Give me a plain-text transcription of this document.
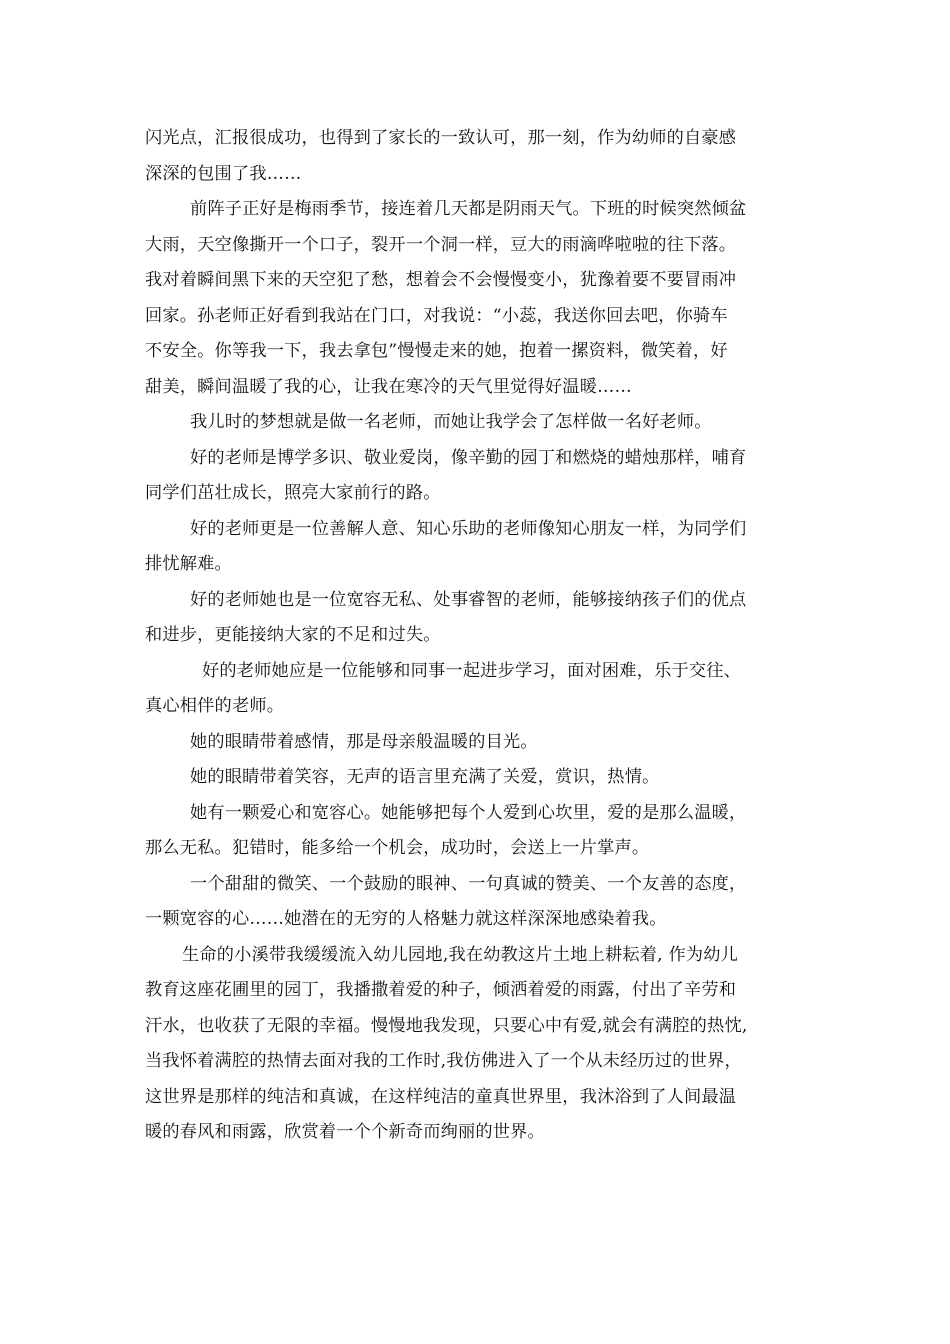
闪光点，汇报很成功，也得到了家长的一致认可，那一刻，作为幼师的自豪感
深深的包围了我……

前阵子正好是梅雨季节，接连着几天都是阴雨天气。下班的时候突然倾盆
大雨，天空像撕开一个口子，裂开一个洞一样，豆大的雨滴哗啦啦的往下落。
我对着瞬间黑下来的天空犯了愁，想着会不会慢慢变小，犹豫着要不要冒雨冲
回家。孙老师正好看到我站在门口，对我说：“小蕊，我送你回去吧，你骑车
不安全。你等我一下，我去拿包”慢慢走来的她，抱着一摞资料，微笑着，好
甜美，瞬间温暖了我的心，让我在寒冷的天气里觉得好温暖……

我儿时的梦想就是做一名老师，而她让我学会了怎样做一名好老师。

好的老师是博学多识、敬业爱岗，像辛勤的园丁和燃烧的蜡烛那样，哺育
同学们茁壮成长，照亮大家前行的路。

好的老师更是一位善解人意、知心乐助的老师像知心朋友一样，为同学们
排忧解难。

好的老师她也是一位宽容无私、处事睿智的老师，能够接纳孩子们的优点
和进步，更能接纳大家的不足和过失。

好的老师她应是一位能够和同事一起进步学习，面对困难，乐于交往、
真心相伴的老师。

她的眼睛带着感情，那是母亲般温暖的目光。

她的眼睛带着笑容，无声的语言里充满了关爱，赏识，热情。

她有一颗爱心和宽容心。她能够把每个人爱到心坎里，爱的是那么温暖，
那么无私。犯错时，能多给一个机会，成功时，会送上一片掌声。

一个甜甜的微笑、一个鼓励的眼神、一句真诚的赞美、一个友善的态度，
一颗宽容的心……她潜在的无穷的人格魅力就这样深深地感染着我。

生命的小溪带我缓缓流入幼儿园地,我在幼教这片土地上耕耘着, 作为幼儿
教育这座花圃里的园丁，我播撒着爱的种子，倾洒着爱的雨露，付出了辛劳和
汗水，也收获了无限的幸福。慢慢地我发现，只要心中有爱,就会有满腔的热忱,
当我怀着满腔的热情去面对我的工作时,我仿佛进入了一个从未经历过的世界，
这世界是那样的纯洁和真诚，在这样纯洁的童真世界里，我沐浴到了人间最温
暖的春风和雨露，欣赏着一个个新奇而绚丽的世界。
